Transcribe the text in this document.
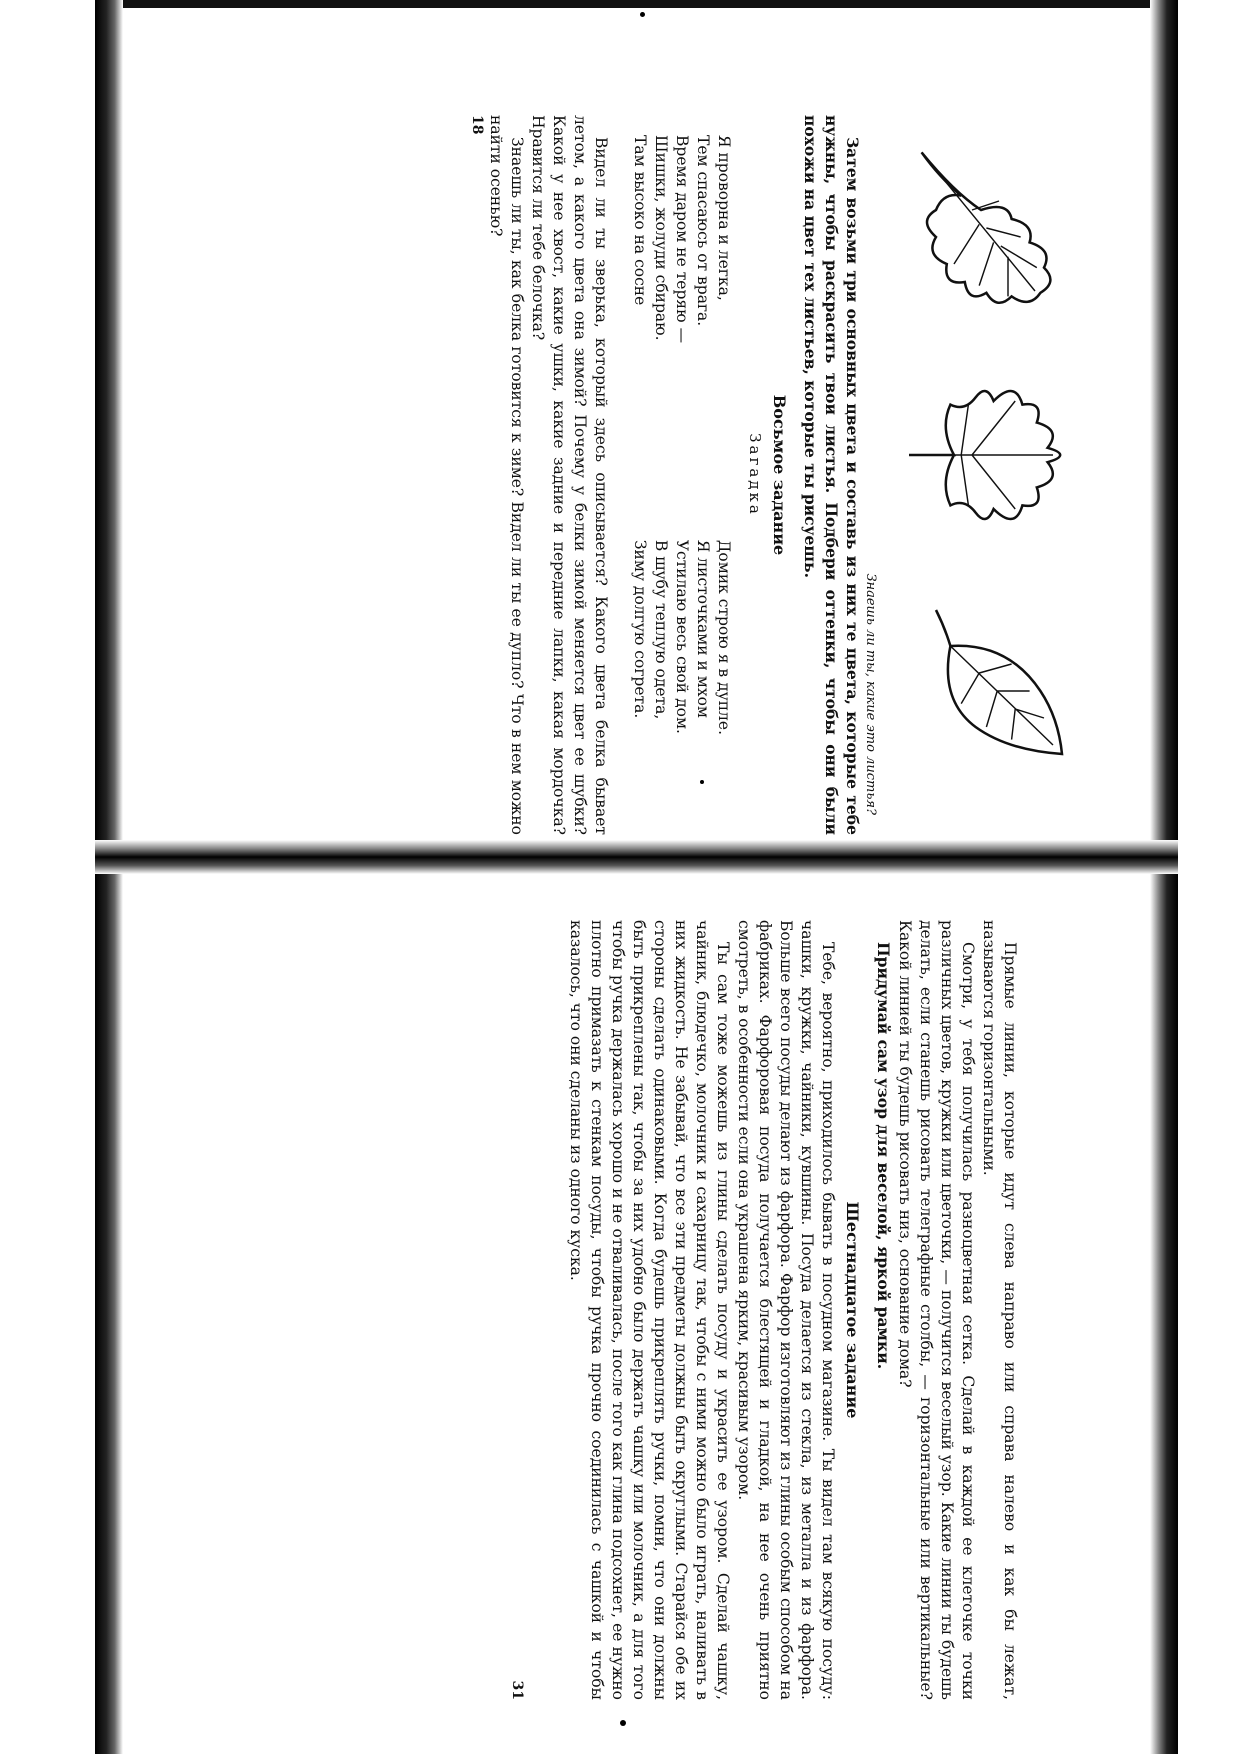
Знаешь ли ты, какие это листья?

Затем возьми три основных цвета и составь из них те цвета, которые тебе нужны, чтобы раскрасить твои листья. Подбери оттенки, чтобы они были похожи на цвет тех листьев, которые ты рисуешь.

Восьмое задание

Загадка

Я проворна и легка,
Тем спасаюсь от врага.
Время даром не теряю —
Шишки, жолуди сбираю.
Там высоко на сосне
Домик строю я в дупле.
Я листочками и мхом
Устилаю весь свой дом.
В шубу теплую одета,
Зиму долгую согрета.

Видел ли ты зверька, который здесь описывается? Какого цвета белка бывает летом, а какого цвета она зимой? Почему у белки зимой меняется цвет ее шубки? Какой у нее хвост, какие ушки, какие задние и передние лапки, какая мордочка? Нравится ли тебе белочка?

Знаешь ли ты, как белка готовится к зиме? Видел ли ты ее дупло? Что в нем можно найти осенью?

18

Прямые линии, которые идут слева направо или справа налево и как бы лежат, называются горизонтальными.

Смотри, у тебя получилась разноцветная сетка. Сделай в каждой ее клеточке точки различных цветов, кружки или цветочки, — получится веселый узор. Какие линии ты будешь делать, если станешь рисовать телеграфные столбы, — горизонтальные или вертикальные? Какой линией ты будешь рисовать низ, основание дома?

Придумай сам узор для веселой, яркой рамки.

Шестнадцатое задание

Тебе, вероятно, приходилось бывать в посудном магазине. Ты видел там всякую посуду: чашки, кружки, чайники, кувшины. Посуда делается из стекла, из металла и из фарфора. Больше всего посуды делают из фарфора. Фарфор изготовляют из глины особым способом на фабриках. Фарфоровая посуда получается блестящей и гладкой, на нее очень приятно смотреть, в особенности если она украшена ярким, красивым узором.

Ты сам тоже можешь из глины сделать посуду и украсить ее узором. Сделай чашку, чайник, блюдечко, молочник и сахарницу так, чтобы с ними можно было играть, наливать в них жидкость. Не забывай, что все эти предметы должны быть округлыми. Старайся обе их стороны сделать одинаковыми. Когда будешь прикреплять ручки, помни, что они должны быть прикреплены так, чтобы за них удобно было держать чашку или молочник, а для того чтобы ручка держалась хорошо и не отваливалась, после того как глина подсохнет, ее нужно плотно примазать к стенкам посуды, чтобы ручка прочно соединилась с чашкой и чтобы казалось, что они сделаны из одного куска.

31
